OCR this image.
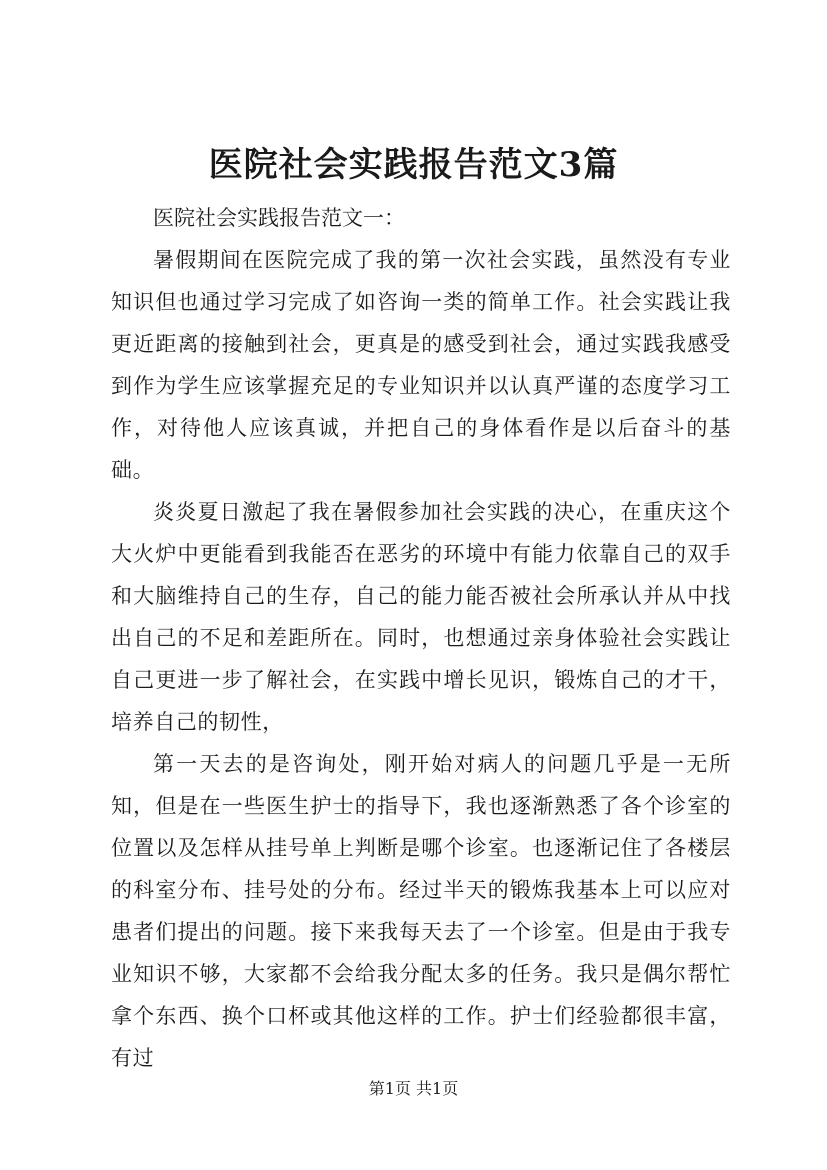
医院社会实践报告范文3篇
医院社会实践报告范文一：

暑假期间在医院完成了我的第一次社会实践，虽然没有专业知识但也通过学习完成了如咨询一类的简单工作。社会实践让我更近距离的接触到社会，更真是的感受到社会，通过实践我感受到作为学生应该掌握充足的专业知识并以认真严谨的态度学习工作，对待他人应该真诚，并把自己的身体看作是以后奋斗的基础。

炎炎夏日激起了我在暑假参加社会实践的决心，在重庆这个大火炉中更能看到我能否在恶劣的环境中有能力依靠自己的双手和大脑维持自己的生存，自己的能力能否被社会所承认并从中找出自己的不足和差距所在。同时，也想通过亲身体验社会实践让自己更进一步了解社会，在实践中增长见识，锻炼自己的才干，培养自己的韧性，

第一天去的是咨询处，刚开始对病人的问题几乎是一无所知，但是在一些医生护士的指导下，我也逐渐熟悉了各个诊室的位置以及怎样从挂号单上判断是哪个诊室。也逐渐记住了各楼层的科室分布、挂号处的分布。经过半天的锻炼我基本上可以应对患者们提出的问题。接下来我每天去了一个诊室。但是由于我专业知识不够，大家都不会给我分配太多的任务。我只是偶尔帮忙拿个东西、换个口杯或其他这样的工作。护士们经验都很丰富，有过

第1页 共1页
